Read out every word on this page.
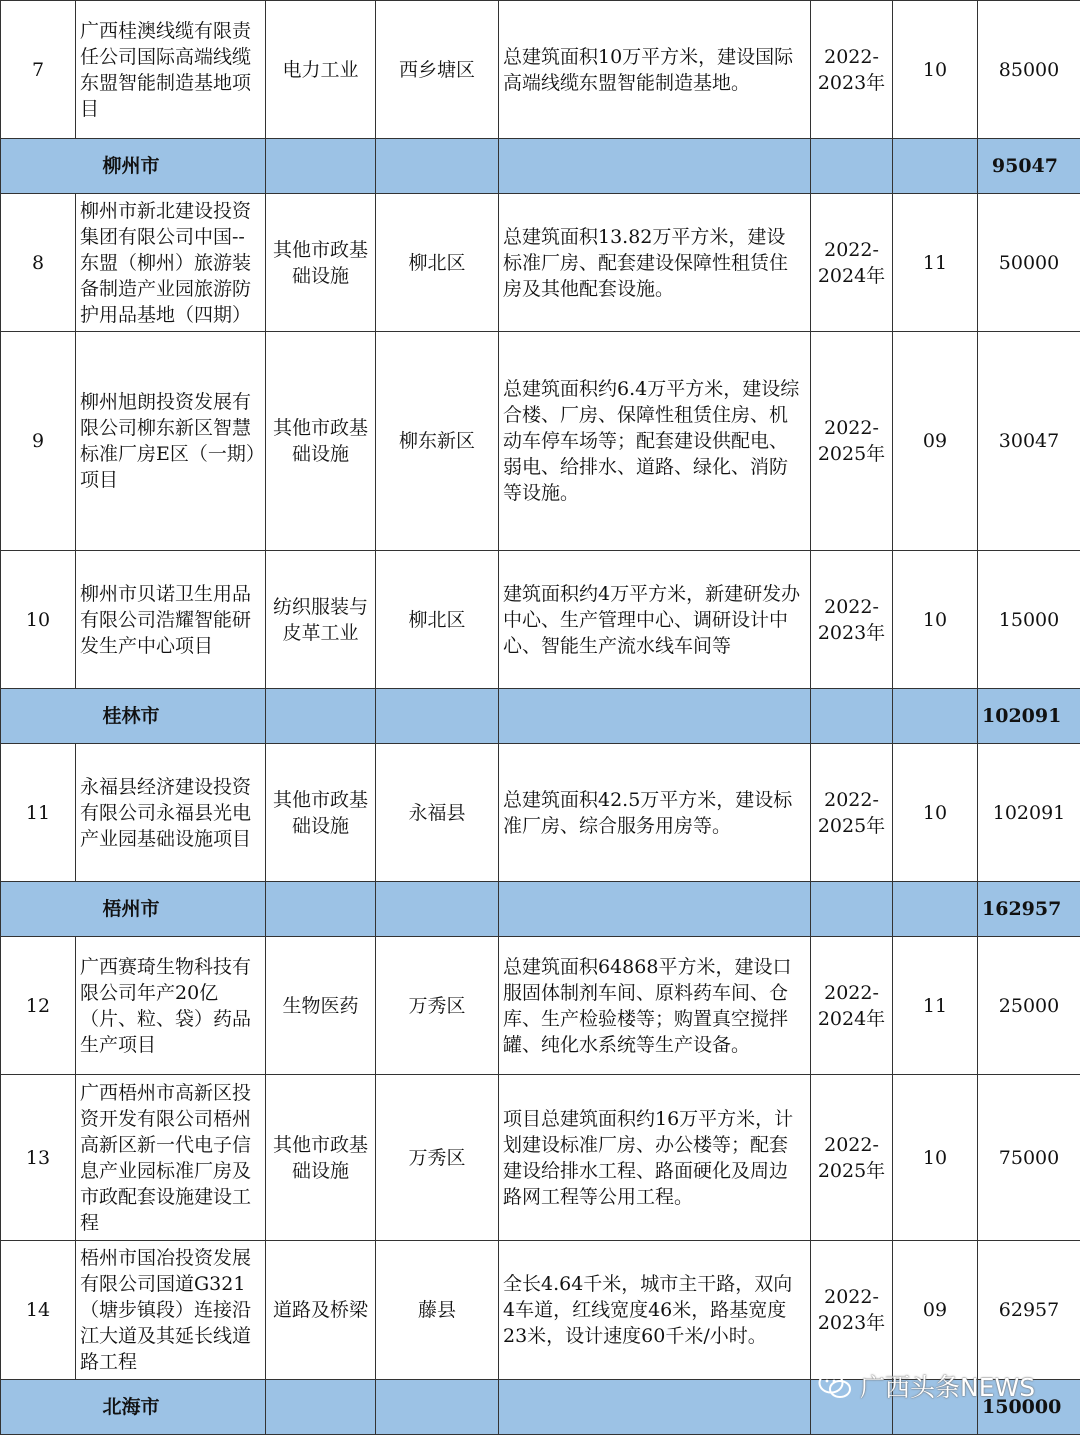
7	广西桂澳线缆有限责任公司国际高端线缆东盟智能制造基地项目	电力工业	西乡塘区	总建筑面积10万平方米，建设国际高端线缆东盟智能制造基地。	2022-2023年	10	85000
柳州市							95047
8	柳州市新北建设投资集团有限公司中国--东盟（柳州）旅游装备制造产业园旅游防护用品基地（四期）	其他市政基础设施	柳北区	总建筑面积13.82万平方米，建设标准厂房、配套建设保障性租赁住房及其他配套设施。	2022-2024年	11	50000
9	柳州旭朗投资发展有限公司柳东新区智慧标准厂房E区（一期）项目	其他市政基础设施	柳东新区	总建筑面积约6.4万平方米，建设综合楼、厂房、保障性租赁住房、机动车停车场等；配套建设供配电、弱电、给排水、道路、绿化、消防等设施。	2022-2025年	09	30047
10	柳州市贝诺卫生用品有限公司浩耀智能研发生产中心项目	纺织服装与皮革工业	柳北区	建筑面积约4万平方米，新建研发办中心、生产管理中心、调研设计中心、智能生产流水线车间等	2022-2023年	10	15000
桂林市							102091
11	永福县经济建设投资有限公司永福县光电产业园基础设施项目	其他市政基础设施	永福县	总建筑面积42.5万平方米，建设标准厂房、综合服务用房等。	2022-2025年	10	102091
梧州市							162957
12	广西赛琦生物科技有限公司年产20亿（片、粒、袋）药品生产项目	生物医药	万秀区	总建筑面积64868平方米，建设口服固体制剂车间、原料药车间、仓库、生产检验楼等；购置真空搅拌罐、纯化水系统等生产设备。	2022-2024年	11	25000
13	广西梧州市高新区投资开发有限公司梧州高新区新一代电子信息产业园标准厂房及市政配套设施建设工程	其他市政基础设施	万秀区	项目总建筑面积约16万平方米，计划建设标准厂房、办公楼等；配套建设给排水工程、路面硬化及周边路网工程等公用工程。	2022-2025年	10	75000
14	梧州市国冶投资发展有限公司国道G321（塘步镇段）连接沿江大道及其延长线道路工程	道路及桥梁	藤县	全长4.64千米，城市主干路，双向4车道，红线宽度46米，路基宽度23米，设计速度60千米/小时。	2022-2023年	09	62957
北海市							150000
广西头条NEWS
